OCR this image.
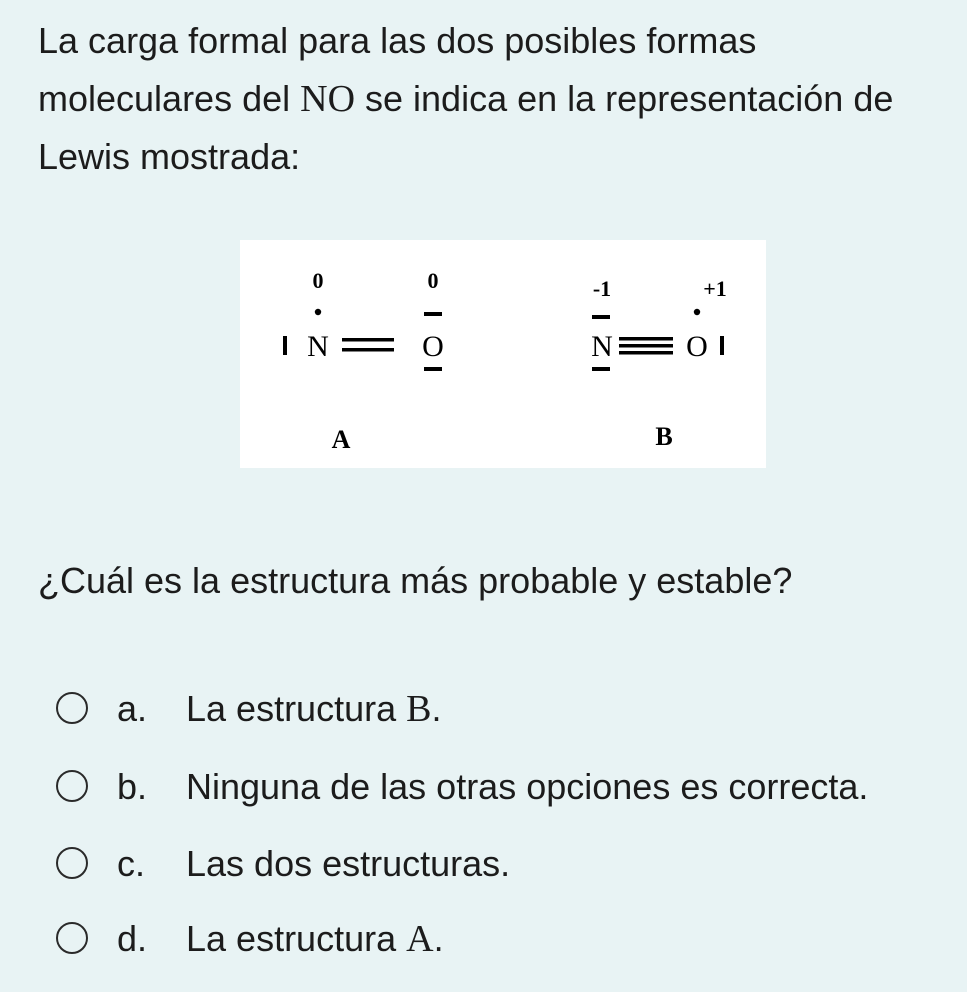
La carga formal para las dos posibles formas
moleculares del NO se indica en la representación de
Lewis mostrada:
0	0
N	O
A
-1	+1
N O
B
¿Cuál es la estructura más probable y estable?
a. La estructura B.
b. Ninguna de las otras opciones es correcta.
c. Las dos estructuras.
d. La estructura A.
